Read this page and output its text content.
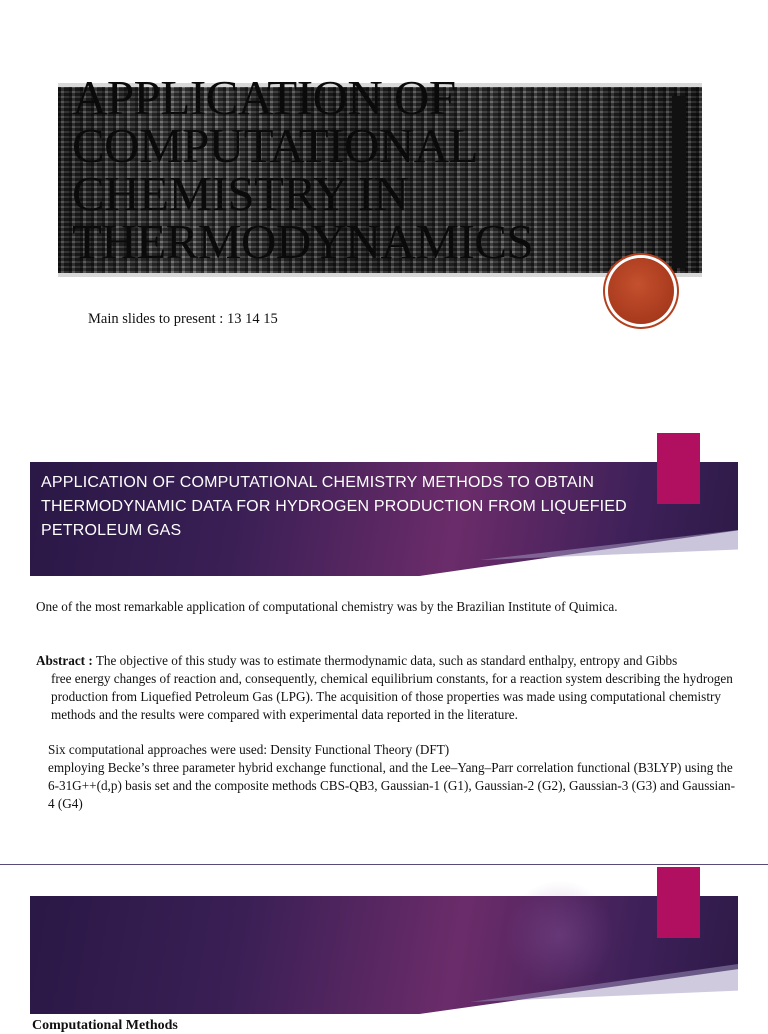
APPLICATION OF COMPUTATIONAL CHEMISTRY IN THERMODYNAMICS
Main slides to present : 13 14 15
APPLICATION OF COMPUTATIONAL CHEMISTRY METHODS TO OBTAIN THERMODYNAMIC DATA FOR HYDROGEN PRODUCTION FROM LIQUEFIED PETROLEUM GAS

One of the most remarkable application of computational chemistry was by the Brazilian Institute of Quimica.

Abstract : The objective of this study was to estimate thermodynamic data, such as standard enthalpy, entropy and Gibbs
free energy changes of reaction and, consequently, chemical equilibrium constants, for a reaction system describing the hydrogen production from Liquefied Petroleum Gas (LPG). The acquisition of those properties was made using computational chemistry methods and the results were compared with experimental data reported in the literature.

Six computational approaches were used: Density Functional Theory (DFT)
employing Becke’s three parameter hybrid exchange functional, and the Lee–Yang–Parr correlation functional (B3LYP) using the 6-31G++(d,p) basis set and the composite methods CBS-QB3, Gaussian-1 (G1), Gaussian-2 (G2), Gaussian-3 (G3) and Gaussian-4 (G4)

Computational Methods
